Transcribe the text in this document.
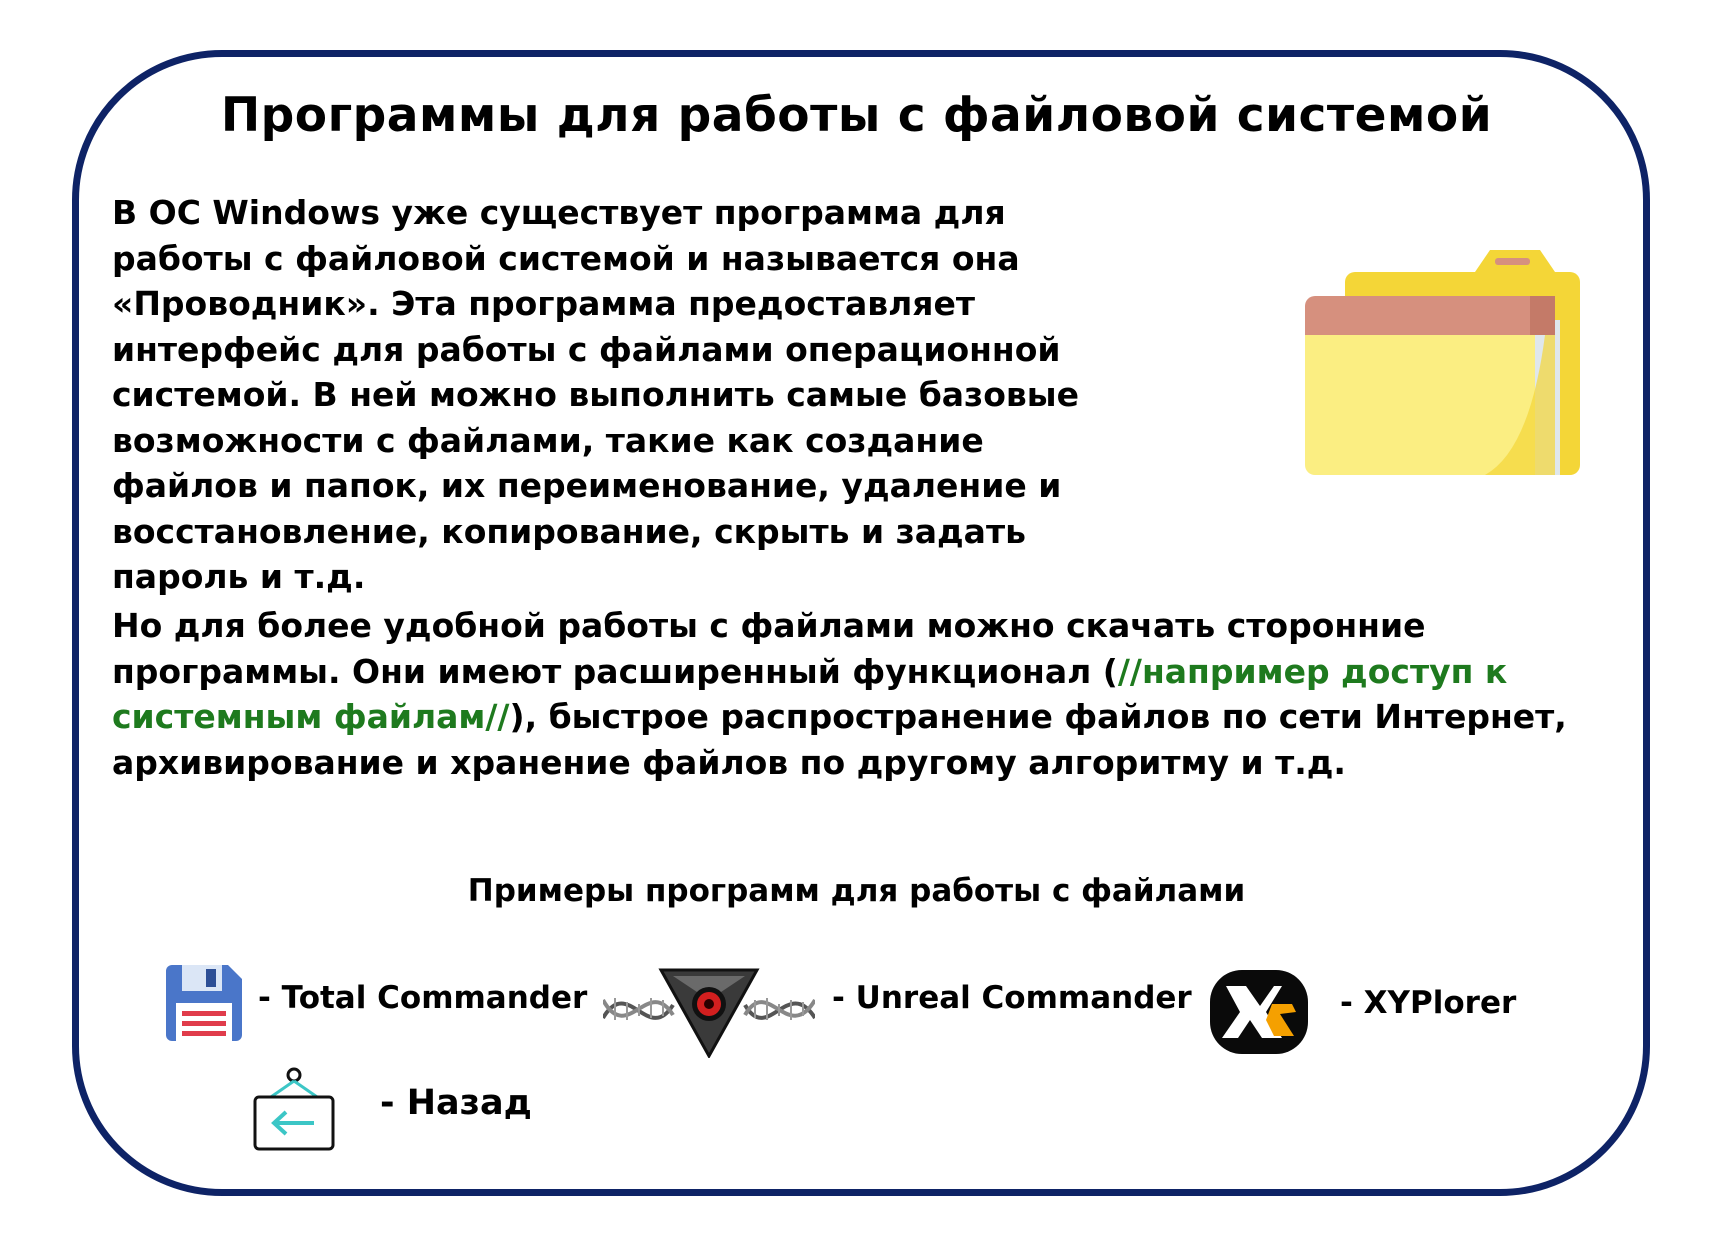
Программы для работы с файловой системой
В ОС Windows уже существует программа для
работы с файловой системой и называется она
«Проводник». Эта программа предоставляет
интерфейс для работы с файлами операционной
системой. В ней можно выполнить самые базовые
возможности с файлами, такие как создание
файлов и папок, их переименование, удаление и
восстановление, копирование, скрыть и задать
пароль и т.д.
Но для более удобной работы с файлами можно скачать сторонние программы. Они имеют расширенный функционал (//например доступ к системным файлам//), быстрое распространение файлов по сети Интернет, архивирование и хранение файлов по другому алгоритму и т.д.
Примеры программ для работы с файлами
- Total Commander	- Unreal Commander	- XYPlorer
- Назад
